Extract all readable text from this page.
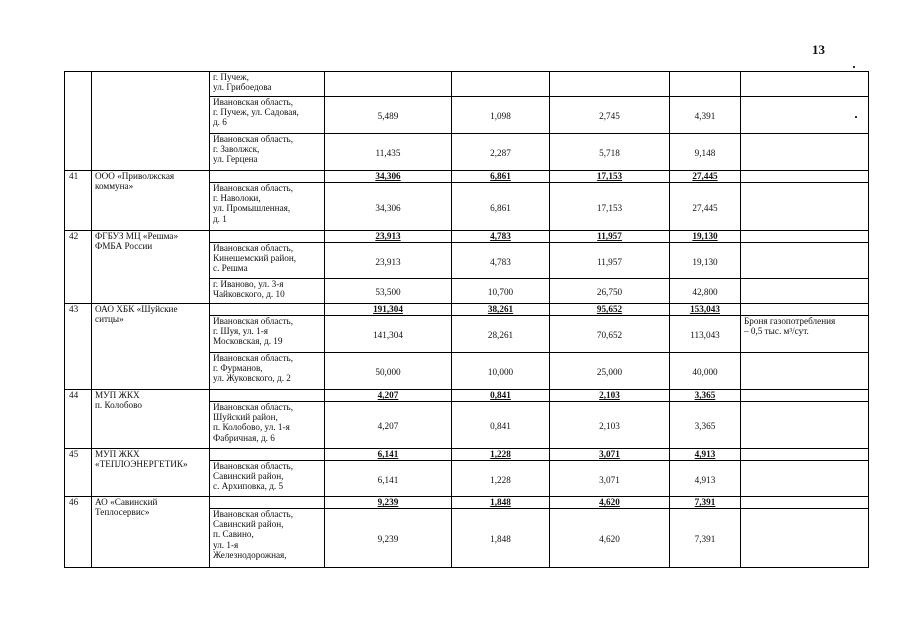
13
		г. Пучеж,
ул. Грибоедова					
		Ивановская область,
г. Пучеж, ул. Садовая,
д. 6	5,489	1,098	2,745	4,391	
		Ивановская область,
г. Заволжск,
ул. Герцена	11,435	2,287	5,718	9,148	
41	ООО «Приволжская
коммуна»		34,306	6,861	17,153	27,445	
		Ивановская область,
г. Наволоки,
ул. Промышленная,
д. 1	34,306	6,861	17,153	27,445	
42	ФГБУЗ МЦ «Решма»
ФМБА России		23,913	4,783	11,957	19,130	
		Ивановская область,
Кинешемский район,
с. Решма	23,913	4,783	11,957	19,130	
		г. Иваново, ул. 3-я
Чайковского, д. 10	53,500	10,700	26,750	42,800	
43	ОАО ХБК «Шуйские
ситцы»		191,304	38,261	95,652	153,043	
		Ивановская область,
г. Шуя, ул. 1-я
Московская, д. 19	141,304	28,261	70,652	113,043	Броня газопотребления
– 0,5 тыс. м³/сут.
		Ивановская область,
г. Фурманов,
ул. Жуковского, д. 2	50,000	10,000	25,000	40,000	
44	МУП ЖКХ
п. Колобово		4,207	0,841	2,103	3,365	
		Ивановская область,
Шуйский район,
п. Колобово, ул. 1-я
Фабричная, д. 6	4,207	0,841	2,103	3,365	
45	МУП ЖКХ
«ТЕПЛОЭНЕРГЕТИК»		6,141	1,228	3,071	4,913	
		Ивановская область,
Савинский район,
с. Архиповка, д. 5	6,141	1,228	3,071	4,913	
46	АО «Савинский
Теплосервис»		9,239	1,848	4,620	7,391	
		Ивановская область,
Савинский район,
п. Савино,
ул. 1-я
Железнодорожная,	9,239	1,848	4,620	7,391	
